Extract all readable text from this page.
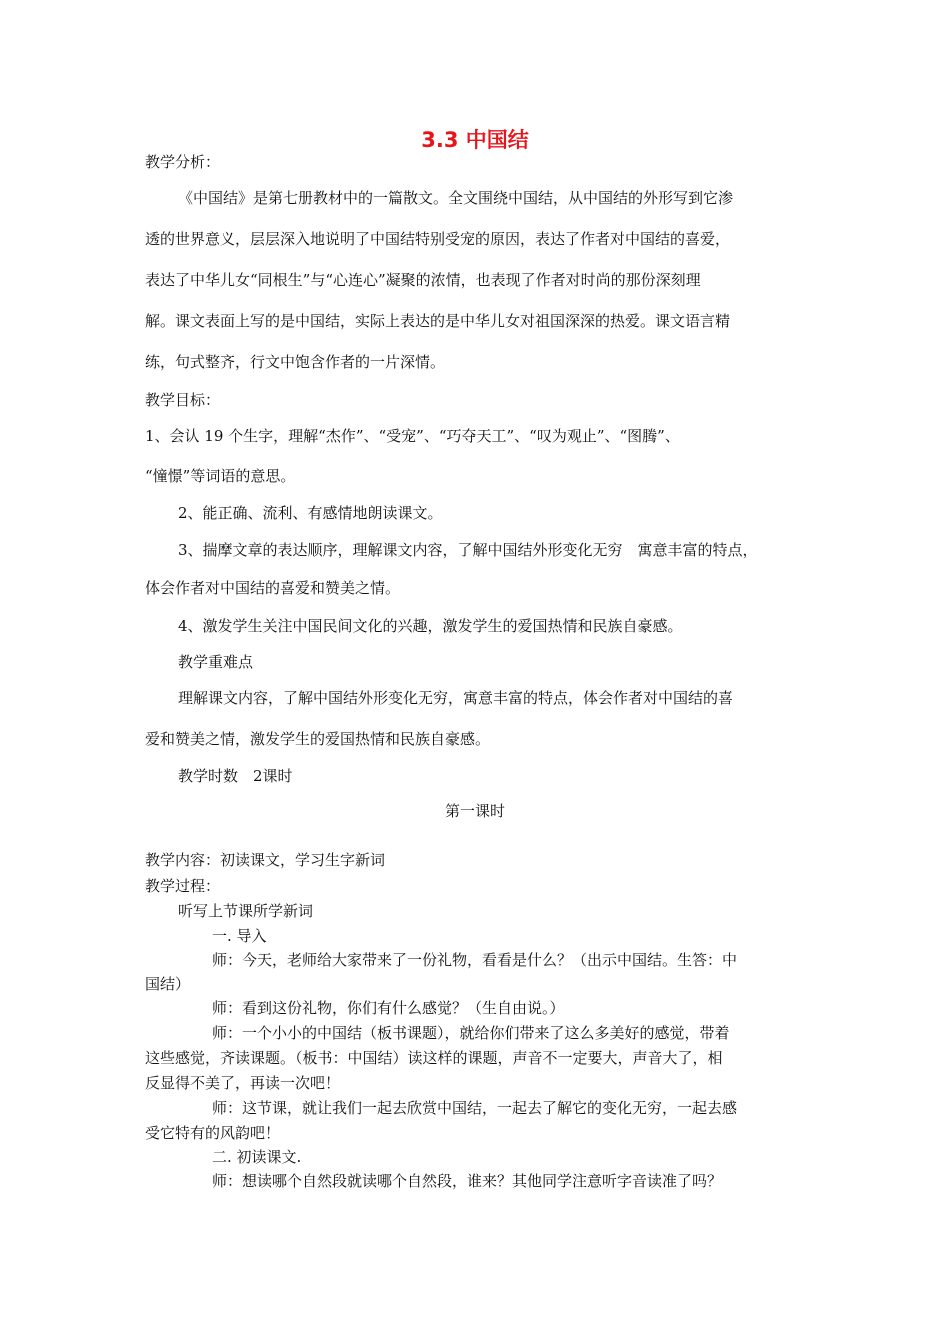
3.3 中国结
教学分析：
《中国结》是第七册教材中的一篇散文。全文围绕中国结，从中国结的外形写到它渗
透的世界意义，层层深入地说明了中国结特别受宠的原因，表达了作者对中国结的喜爱，
表达了中华儿女“同根生”与“心连心”凝聚的浓情，也表现了作者对时尚的那份深刻理
解。课文表面上写的是中国结，实际上表达的是中华儿女对祖国深深的热爱。课文语言精
练，句式整齐，行文中饱含作者的一片深情。
教学目标：
1、会认 19 个生字，理解“杰作”、“受宠”、“巧夺天工”、“叹为观止”、“图腾”、
“憧憬”等词语的意思。
2、能正确、流利、有感情地朗读课文。
3、揣摩文章的表达顺序，理解课文内容，了解中国结外形变化无穷　寓意丰富的特点，
体会作者对中国结的喜爱和赞美之情。
4、激发学生关注中国民间文化的兴趣，激发学生的爱国热情和民族自豪感。
教学重难点
理解课文内容，了解中国结外形变化无穷，寓意丰富的特点，体会作者对中国结的喜
爱和赞美之情，激发学生的爱国热情和民族自豪感。
教学时数　2课时
第一课时
教学内容：初读课文，学习生字新词
教学过程：
听写上节课所学新词
一. 导入
师：今天，老师给大家带来了一份礼物，看看是什么？（出示中国结。生答：中
国结）
师：看到这份礼物，你们有什么感觉？（生自由说。）
师：一个小小的中国结（板书课题），就给你们带来了这么多美好的感觉，带着
这些感觉，齐读课题。（板书：中国结）读这样的课题，声音不一定要大，声音大了，相
反显得不美了，再读一次吧！
师：这节课，就让我们一起去欣赏中国结，一起去了解它的变化无穷，一起去感
受它特有的风韵吧！
二. 初读课文.
师：想读哪个自然段就读哪个自然段，谁来？其他同学注意听字音读准了吗？
